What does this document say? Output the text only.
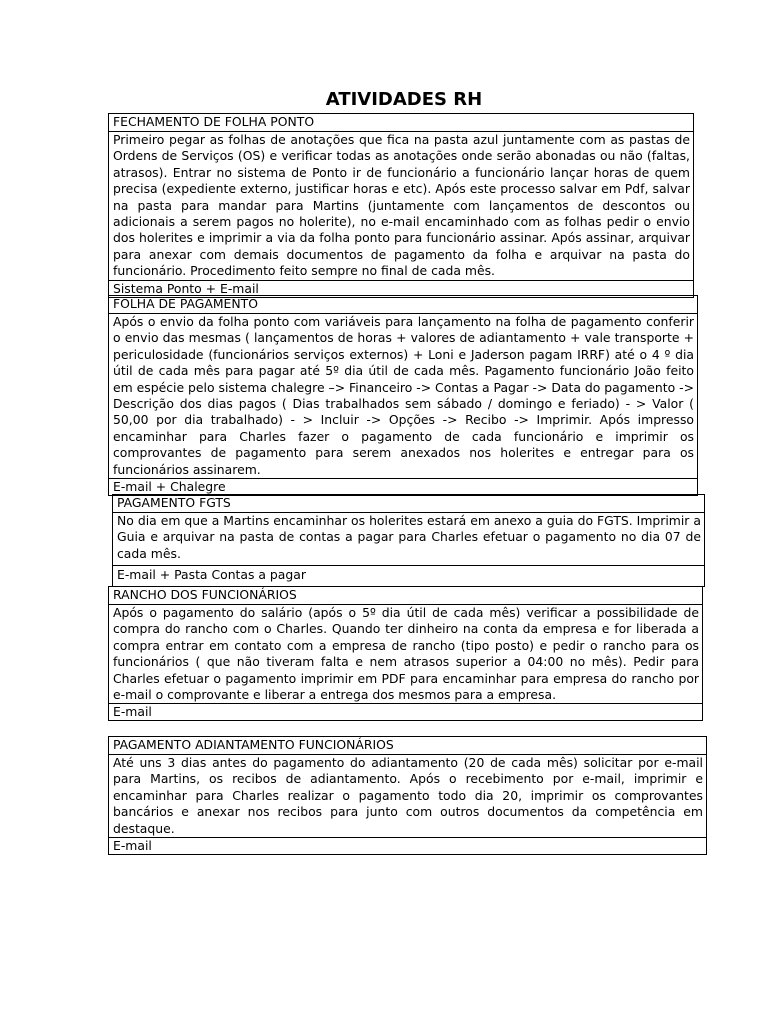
ATIVIDADES RH
FECHAMENTO DE FOLHA PONTO
Primeiro pegar as folhas de anotações que fica na pasta azul juntamente com as pastas de Ordens de Serviços (OS) e verificar todas as anotações onde serão abonadas ou não (faltas, atrasos). Entrar no sistema de Ponto ir de funcionário a funcionário lançar horas de quem precisa (expediente externo, justificar horas e etc). Após este processo salvar em Pdf, salvar na pasta para mandar para Martins (juntamente com lançamentos de descontos ou adicionais a serem pagos no holerite), no e-mail encaminhado com as folhas pedir o envio dos holerites e imprimir a via da folha ponto para funcionário assinar. Após assinar, arquivar para anexar com demais documentos de pagamento da folha e arquivar na pasta do funcionário. Procedimento feito sempre no final de cada mês.
Sistema Ponto + E-mail
FOLHA DE PAGAMENTO
Após o envio da folha ponto com variáveis para lançamento na folha de pagamento conferir o envio das mesmas ( lançamentos de horas + valores de adiantamento + vale transporte + periculosidade (funcionários serviços externos) + Loni e Jaderson pagam IRRF) até o 4 º dia útil de cada mês para pagar até 5º dia útil de cada mês. Pagamento funcionário João feito em espécie pelo sistema chalegre –> Financeiro -> Contas a Pagar -> Data do pagamento -> Descrição dos dias pagos ( Dias trabalhados sem sábado / domingo e feriado) - > Valor ( 50,00 por dia trabalhado) - > Incluir -> Opções -> Recibo -> Imprimir. Após impresso encaminhar para Charles fazer o pagamento de cada funcionário e imprimir os comprovantes de pagamento para serem anexados nos holerites e entregar para os funcionários assinarem.
E-mail + Chalegre
PAGAMENTO FGTS
No dia em que a Martins encaminhar os holerites estará em anexo a guia do FGTS. Imprimir a Guia e arquivar na pasta de contas a pagar para Charles efetuar o pagamento no dia 07 de cada mês.
E-mail + Pasta Contas a pagar
RANCHO DOS FUNCIONÁRIOS
Após o pagamento do salário (após o 5º dia útil de cada mês) verificar a possibilidade de compra do rancho com o Charles. Quando ter dinheiro na conta da empresa e for liberada a compra entrar em contato com a empresa de rancho (tipo posto) e pedir o rancho para os funcionários ( que não tiveram falta e nem atrasos superior a 04:00 no mês). Pedir para Charles efetuar o pagamento imprimir em PDF para encaminhar para empresa do rancho por e-mail o comprovante e liberar a entrega dos mesmos para a empresa.
E-mail
PAGAMENTO ADIANTAMENTO FUNCIONÁRIOS
Até uns 3 dias antes do pagamento do adiantamento (20 de cada mês) solicitar por e-mail para Martins, os recibos de adiantamento. Após o recebimento por e-mail, imprimir e encaminhar para Charles realizar o pagamento todo dia 20, imprimir os comprovantes bancários e anexar nos recibos para junto com outros documentos da competência em destaque.
E-mail
